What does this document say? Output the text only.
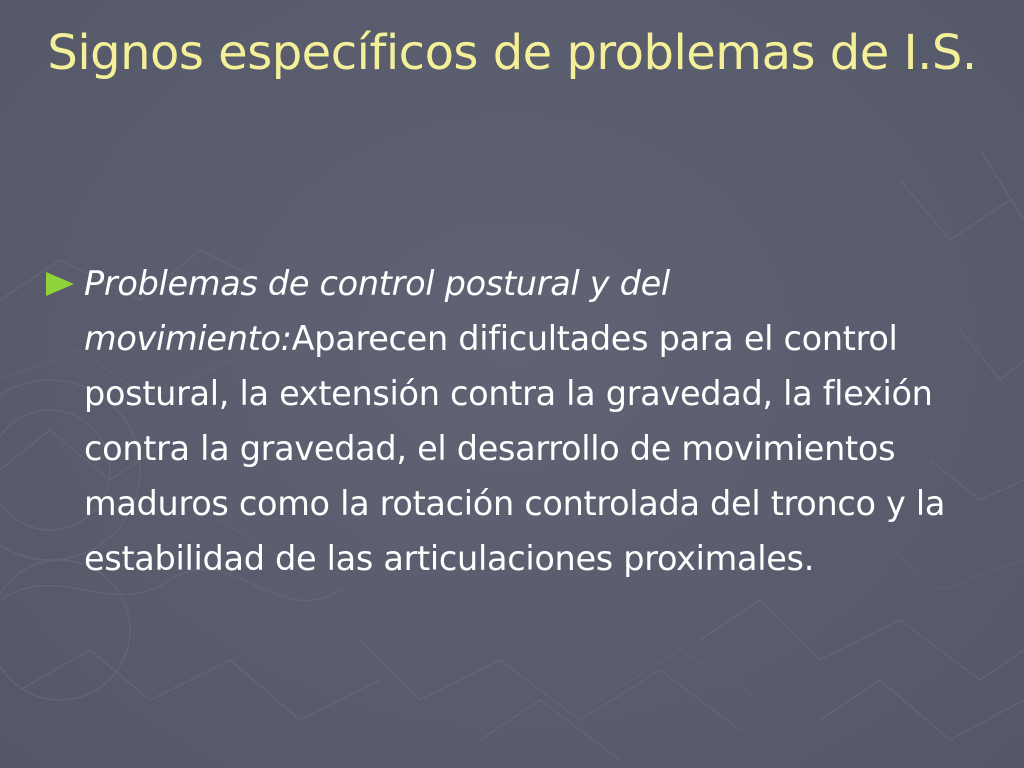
Signos específicos de problemas de I.S.
Problemas de control postural y del movimiento:Aparecen dificultades para el control postural, la extensión contra la gravedad, la flexión contra la gravedad, el desarrollo de movimientos maduros como la rotación controlada del tronco y la estabilidad de las articulaciones proximales.
